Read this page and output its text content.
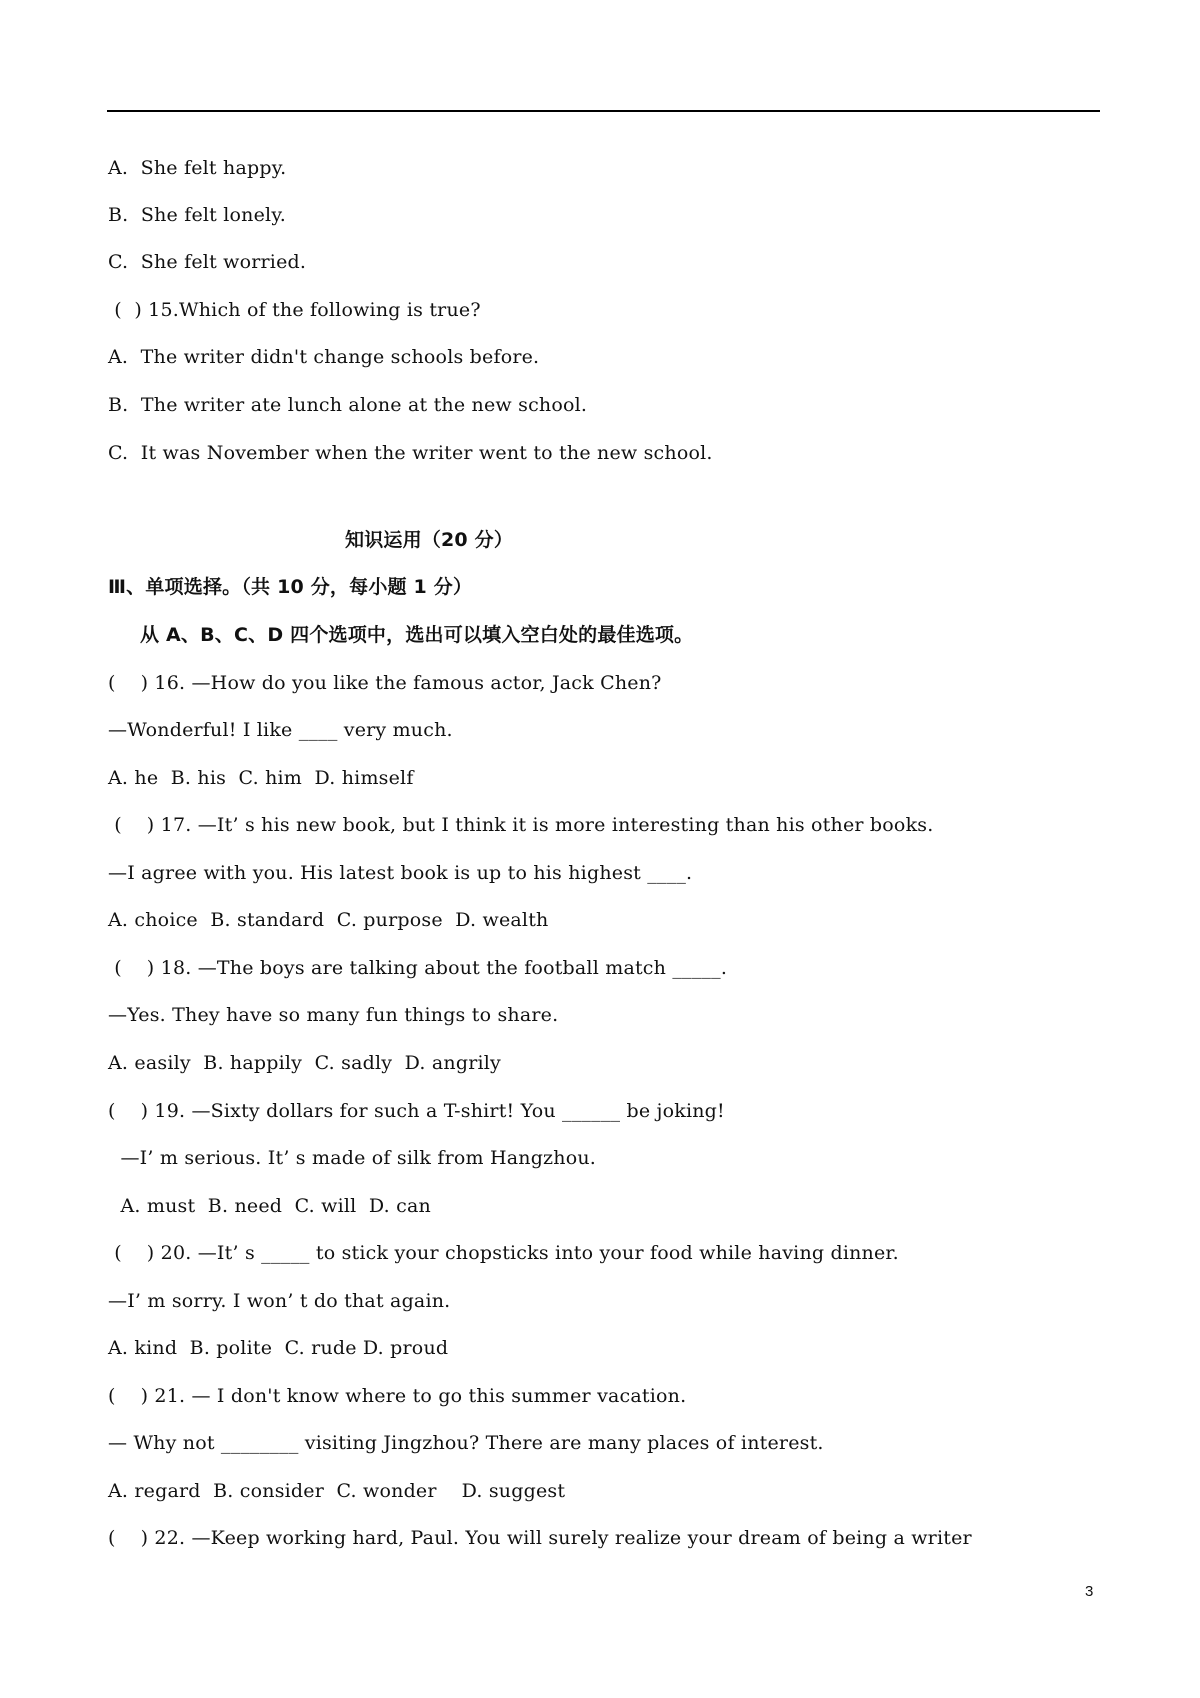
A.  She felt happy.
B.  She felt lonely.
C.  She felt worried.
(  ) 15.Which of the following is true?
A.  The writer didn't change schools before.
B.  The writer ate lunch alone at the new school.
C.  It was November when the writer went to the new school.
知识运用（20 分）
Ⅲ、单项选择。（共 10 分，每小题 1 分）
从 A、B、C、D 四个选项中，选出可以填入空白处的最佳选项。
(    ) 16. —How do you like the famous actor, Jack Chen?
—Wonderful! I like ____ very much.
A. he  B. his  C. him  D. himself
(    ) 17. —It’ s his new book, but I think it is more interesting than his other books.
—I agree with you. His latest book is up to his highest ____.
A. choice  B. standard  C. purpose  D. wealth
(    ) 18. —The boys are talking about the football match _____.
—Yes. They have so many fun things to share.
A. easily  B. happily  C. sadly  D. angrily
(    ) 19. —Sixty dollars for such a T-shirt! You ______ be joking!
—I’ m serious. It’ s made of silk from Hangzhou.
A. must  B. need  C. will  D. can
(    ) 20. —It’ s _____ to stick your chopsticks into your food while having dinner.
—I’ m sorry. I won’ t do that again.
A. kind  B. polite  C. rude D. proud
(    ) 21. — I don't know where to go this summer vacation.
— Why not ________ visiting Jingzhou? There are many places of interest.
A. regard  B. consider  C. wonder    D. suggest
(    ) 22. —Keep working hard, Paul. You will surely realize your dream of being a writer
3
